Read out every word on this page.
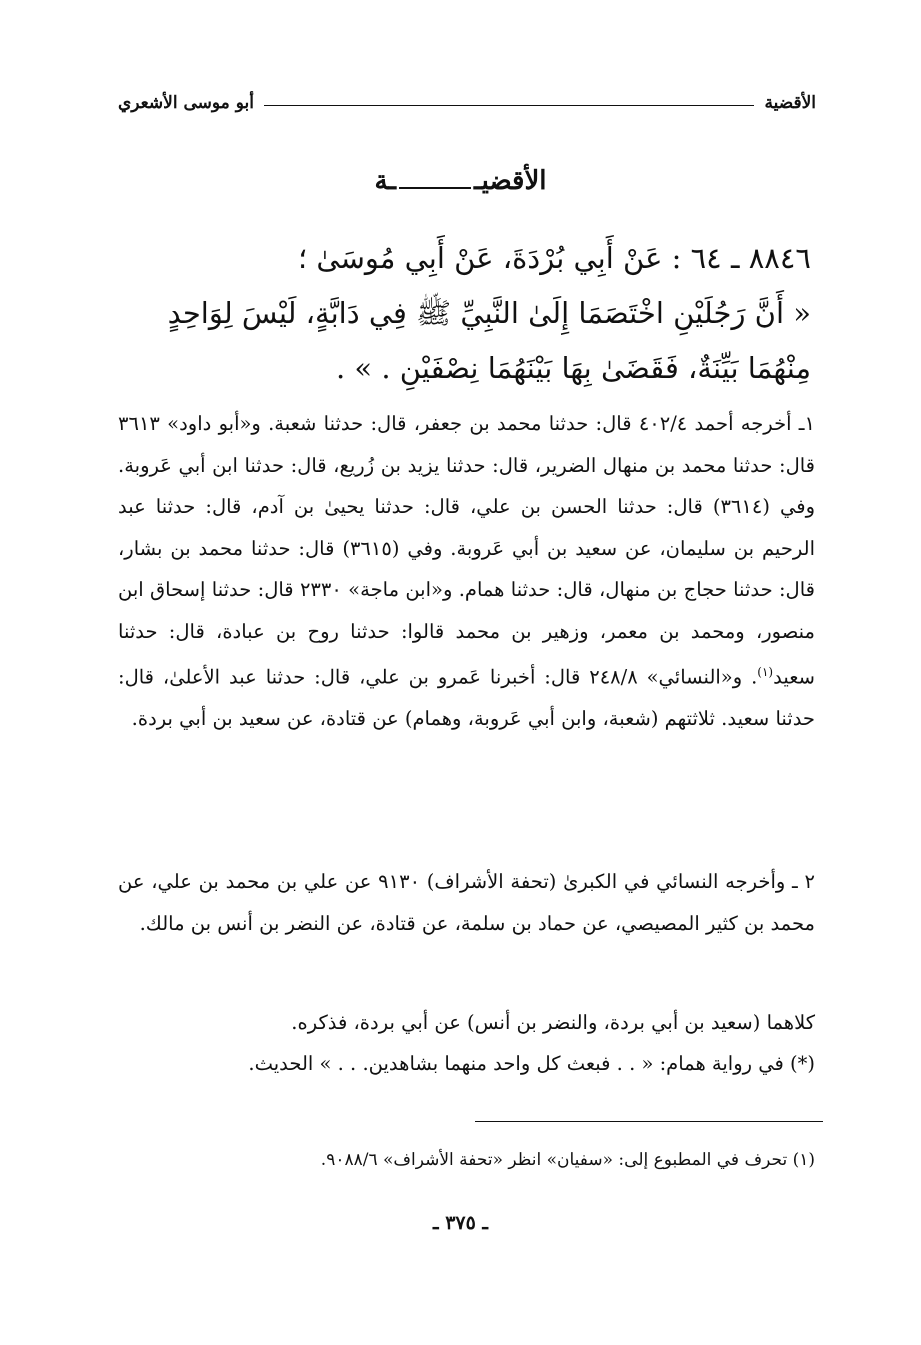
الأقضية
أبو موسى الأشعري
الأقضيــة
٨٨٤٦ ـ ٦٤ : عَنْ أَبِي بُرْدَةَ، عَنْ أَبِي مُوسَىٰ ؛
« أَنَّ رَجُلَيْنِ اخْتَصَمَا إِلَىٰ النَّبِيِّ ﷺ فِي دَابَّةٍ، لَيْسَ لِوَاحِدٍ
مِنْهُمَا بَيِّنَةٌ، فَقَضَىٰ بِهَا بَيْنَهُمَا نِصْفَيْنِ . » .
١ـ أخرجه أحمد ٤٠٢/٤ قال: حدثنا محمد بن جعفر، قال: حدثنا شعبة. و«أبو داود» ٣٦١٣ قال: حدثنا محمد بن منهال الضرير، قال: حدثنا يزيد بن زُريع، قال: حدثنا ابن أبي عَروبة. وفي (٣٦١٤) قال: حدثنا الحسن بن علي، قال: حدثنا يحيىٰ بن آدم، قال: حدثنا عبد الرحيم بن سليمان، عن سعيد بن أبي عَروبة. وفي (٣٦١٥) قال: حدثنا محمد بن بشار، قال: حدثنا حجاج بن منهال، قال: حدثنا همام. و«ابن ماجة» ٢٣٣٠ قال: حدثنا إسحاق ابن منصور، ومحمد بن معمر، وزهير بن محمد قالوا: حدثنا روح بن عبادة، قال: حدثنا سعيد$^{(١)}$. و«النسائي» ٢٤٨/٨ قال: أخبرنا عَمرو بن علي، قال: حدثنا عبد الأعلىٰ، قال: حدثنا سعيد. ثلاثتهم (شعبة، وابن أبي عَروبة، وهمام) عن قتادة، عن سعيد بن أبي بردة.
٢ ـ وأخرجه النسائي في الكبرىٰ (تحفة الأشراف) ٩١٣٠ عن علي بن محمد بن علي، عن محمد بن كثير المصيصي، عن حماد بن سلمة، عن قتادة، عن النضر بن أنس بن مالك.
كلاهما (سعيد بن أبي بردة، والنضر بن أنس) عن أبي بردة، فذكره.
(*) في رواية همام: « . . فبعث كل واحد منهما بشاهدين. . . » الحديث.
(١) تحرف في المطبوع إلى: «سفيان» انظر «تحفة الأشراف» ٩٠٨٨/٦.
ـ ٣٧٥ ـ
